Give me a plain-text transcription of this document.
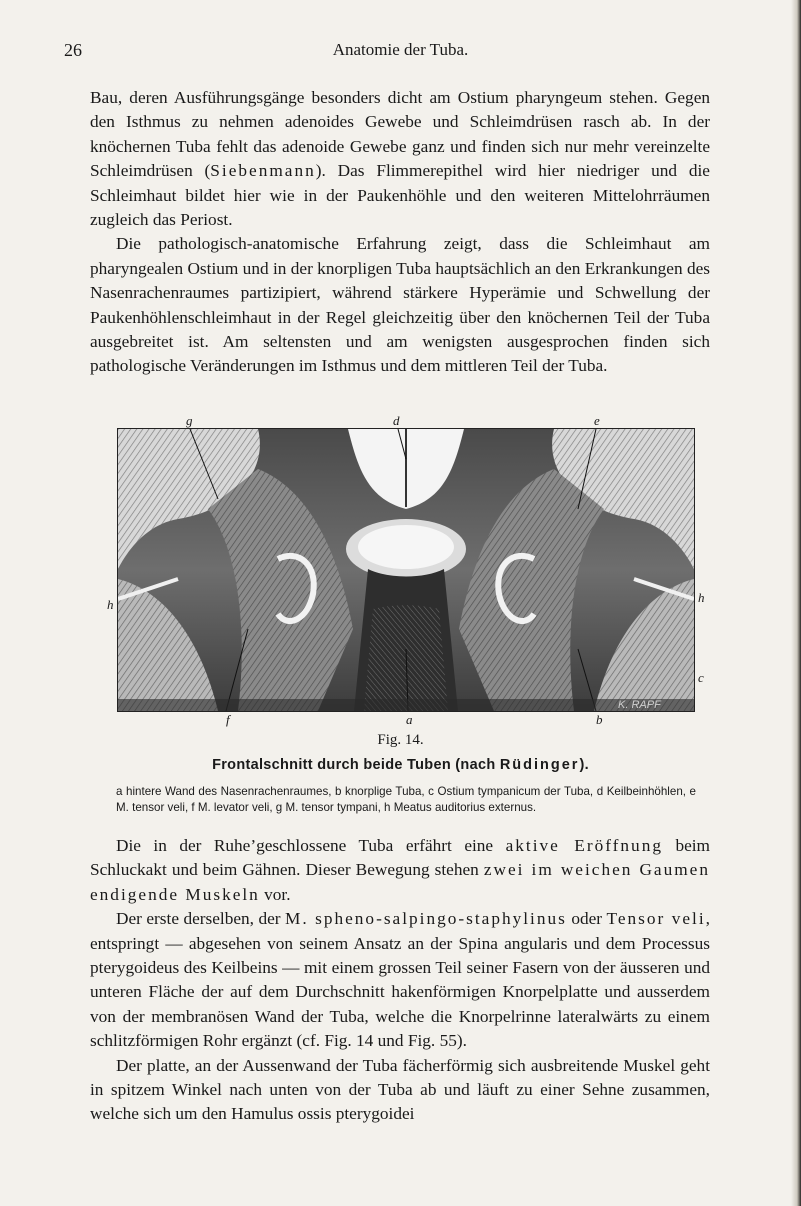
26	Anatomie der Tuba.

Bau, deren Ausführungsgänge besonders dicht am Ostium pharyngeum stehen. Gegen den Isthmus zu nehmen adenoides Gewebe und Schleimdrüsen rasch ab. In der knöchernen Tuba fehlt das adenoide Gewebe ganz und finden sich nur mehr vereinzelte Schleimdrüsen (Siebenmann). Das Flimmerepithel wird hier niedriger und die Schleimhaut bildet hier wie in der Paukenhöhle und den weiteren Mittelohrräumen zugleich das Periost.

Die pathologisch-anatomische Erfahrung zeigt, dass die Schleimhaut am pharyngealen Ostium und in der knorpligen Tuba hauptsächlich an den Erkrankungen des Nasenrachenraumes partizipiert, während stärkere Hyperämie und Schwellung der Paukenhöhlenschleimhaut in der Regel gleichzeitig über den knöchernen Teil der Tuba ausgebreitet ist. Am seltensten und am wenigsten ausgesprochen finden sich pathologische Veränderungen im Isthmus und dem mittleren Teil der Tuba.

g	d	e
h	h
c
f	a	b
K. RAPF
Fig. 14.
Frontalschnitt durch beide Tuben (nach Rüdinger).
a hintere Wand des Nasenrachenraumes, b knorplige Tuba, c Ostium tympanicum der Tuba, d Keilbeinhöhlen, e M. tensor veli, f M. levator veli, g M. tensor tympani, h Meatus auditorius externus.

Die in der Ruhe’geschlossene Tuba erfährt eine aktive Eröffnung beim Schluckakt und beim Gähnen. Dieser Bewegung stehen zwei im weichen Gaumen endigende Muskeln vor.

Der erste derselben, der M. spheno-salpingo-staphylinus oder Tensor veli, entspringt — abgesehen von seinem Ansatz an der Spina angularis und dem Processus pterygoideus des Keilbeins — mit einem grossen Teil seiner Fasern von der äusseren und unteren Fläche der auf dem Durchschnitt hakenförmigen Knorpelplatte und ausserdem von der membranösen Wand der Tuba, welche die Knorpelrinne lateralwärts zu einem schlitzförmigen Rohr ergänzt (cf. Fig. 14 und Fig. 55).

Der platte, an der Aussenwand der Tuba fächerförmig sich ausbreitende Muskel geht in spitzem Winkel nach unten von der Tuba ab und läuft zu einer Sehne zusammen, welche sich um den Hamulus ossis pterygoidei
